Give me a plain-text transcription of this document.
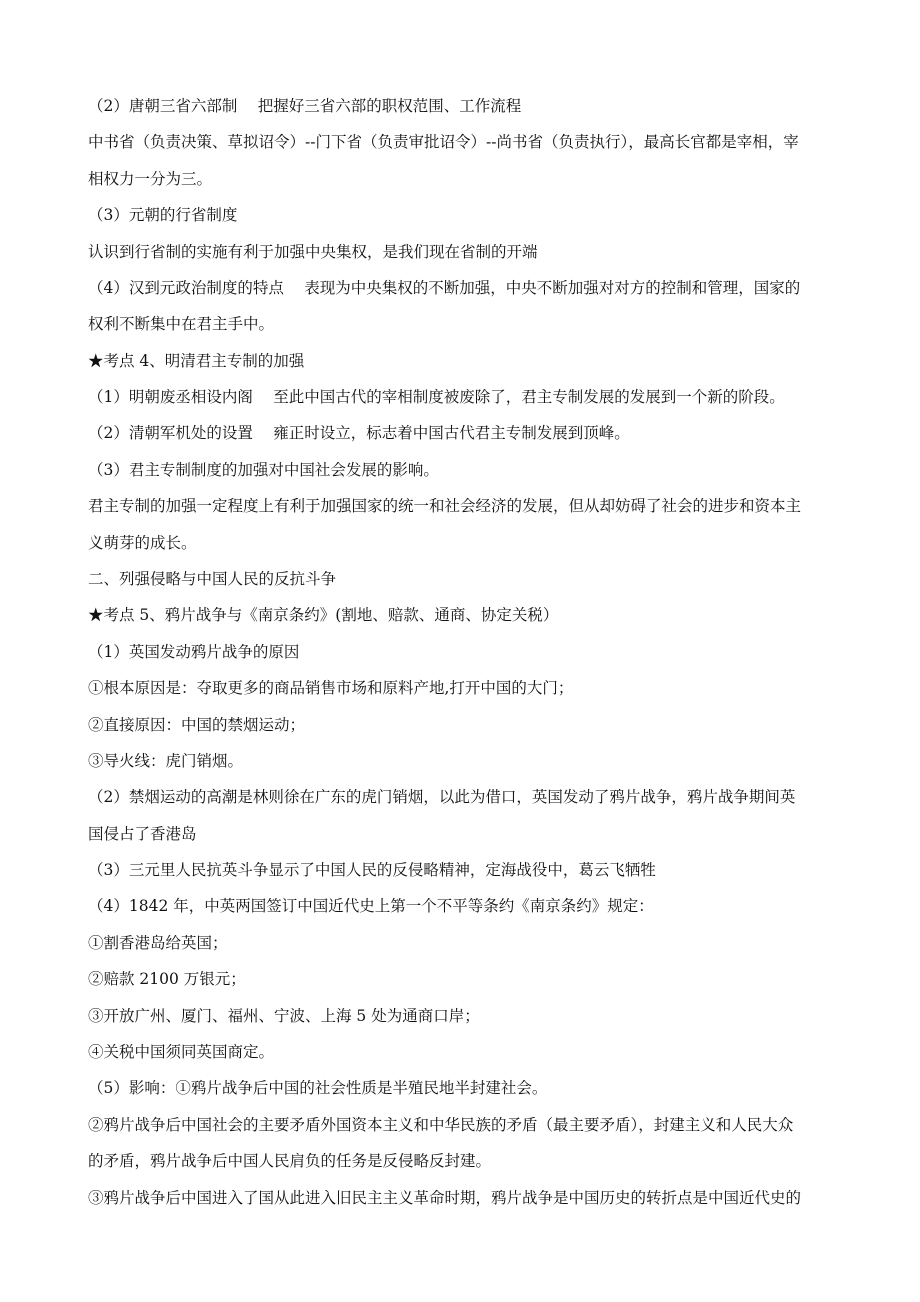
（2）唐朝三省六部制　 把握好三省六部的职权范围、工作流程
中书省（负责决策、草拟诏令）--门下省（负责审批诏令）--尚书省（负责执行），最高长官都是宰相，宰
相权力一分为三。
（3）元朝的行省制度
认识到行省制的实施有利于加强中央集权，是我们现在省制的开端
（4）汉到元政治制度的特点　 表现为中央集权的不断加强，中央不断加强对对方的控制和管理，国家的
权利不断集中在君主手中。
★考点 4、明清君主专制的加强
（1）明朝废丞相设内阁　 至此中国古代的宰相制度被废除了，君主专制发展的发展到一个新的阶段。
（2）清朝军机处的设置　 雍正时设立，标志着中国古代君主专制发展到顶峰。
（3）君主专制制度的加强对中国社会发展的影响。
君主专制的加强一定程度上有利于加强国家的统一和社会经济的发展，但从却妨碍了社会的进步和资本主
义萌芽的成长。
二、列强侵略与中国人民的反抗斗争
★考点 5、鸦片战争与《南京条约》(割地、赔款、通商、协定关税）
（1）英国发动鸦片战争的原因
①根本原因是：夺取更多的商品销售市场和原料产地,打开中国的大门；
②直接原因：中国的禁烟运动；
③导火线：虎门销烟。
（2）禁烟运动的高潮是林则徐在广东的虎门销烟，以此为借口，英国发动了鸦片战争，鸦片战争期间英
国侵占了香港岛
（3）三元里人民抗英斗争显示了中国人民的反侵略精神，定海战役中，葛云飞牺牲
（4）1842 年，中英两国签订中国近代史上第一个不平等条约《南京条约》规定：
①割香港岛给英国；
②赔款 2100 万银元；
③开放广州、厦门、福州、宁波、上海 5 处为通商口岸；
④关税中国须同英国商定。
（5）影响：①鸦片战争后中国的社会性质是半殖民地半封建社会。
②鸦片战争后中国社会的主要矛盾外国资本主义和中华民族的矛盾（最主要矛盾），封建主义和人民大众
的矛盾，鸦片战争后中国人民肩负的任务是反侵略反封建。
③鸦片战争后中国进入了国从此进入旧民主主义革命时期，鸦片战争是中国历史的转折点是中国近代史的
